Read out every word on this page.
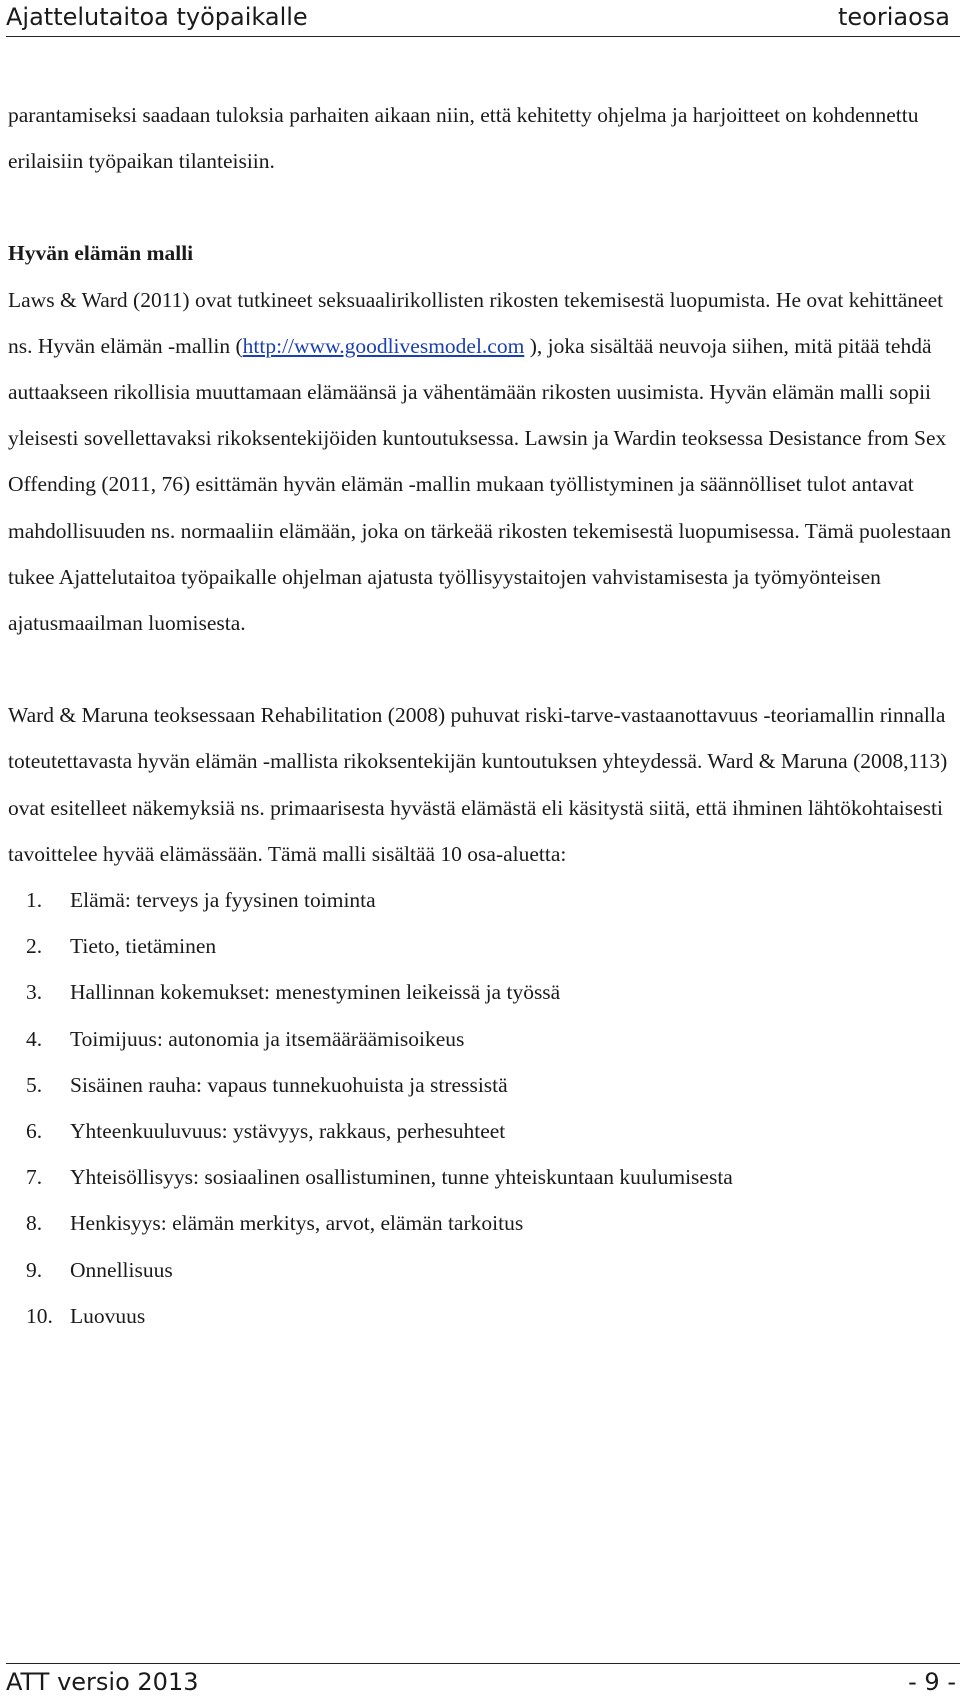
Ajattelutaitoa työpaikalle	teoriaosa

parantamiseksi saadaan tuloksia parhaiten aikaan niin, että kehitetty ohjelma ja harjoitteet on kohdennettu erilaisiin työpaikan tilanteisiin.

Hyvän elämän malli

Laws & Ward (2011) ovat tutkineet seksuaalirikollisten rikosten tekemisestä luopumista. He ovat kehittäneet ns. Hyvän elämän -mallin (http://www.goodlivesmodel.com ), joka sisältää neuvoja siihen, mitä pitää tehdä auttaakseen rikollisia muuttamaan elämäänsä ja vähentämään rikosten uusimista. Hyvän elämän malli sopii yleisesti sovellettavaksi rikoksentekijöiden kuntoutuksessa. Lawsin ja Wardin teoksessa Desistance from Sex Offending (2011, 76) esittämän hyvän elämän -mallin mukaan työllistyminen ja säännölliset tulot antavat mahdollisuuden ns. normaaliin elämään, joka on tärkeää rikosten tekemisestä luopumisessa. Tämä puolestaan tukee Ajattelutaitoa työpaikalle ohjelman ajatusta työllisyystaitojen vahvistamisesta ja työmyönteisen ajatusmaailman luomisesta.

Ward & Maruna teoksessaan Rehabilitation (2008) puhuvat riski-tarve-vastaanottavuus -teoriamallin rinnalla toteutettavasta hyvän elämän -mallista rikoksentekijän kuntoutuksen yhteydessä. Ward & Maruna (2008,113) ovat esitelleet näkemyksiä ns. primaarisesta hyvästä elämästä eli käsitystä siitä, että ihminen lähtökohtaisesti tavoittelee hyvää elämässään. Tämä malli sisältää 10 osa-aluetta:

1. Elämä: terveys ja fyysinen toiminta
2. Tieto, tietäminen
3. Hallinnan kokemukset: menestyminen leikeissä ja työssä
4. Toimijuus: autonomia ja itsemääräämisoikeus
5. Sisäinen rauha: vapaus tunnekuohuista ja stressistä
6. Yhteenkuuluvuus: ystävyys, rakkaus, perhesuhteet
7. Yhteisöllisyys: sosiaalinen osallistuminen, tunne yhteiskuntaan kuulumisesta
8. Henkisyys: elämän merkitys, arvot, elämän tarkoitus
9. Onnellisuus
10. Luovuus
ATT versio 2013	- 9 -
